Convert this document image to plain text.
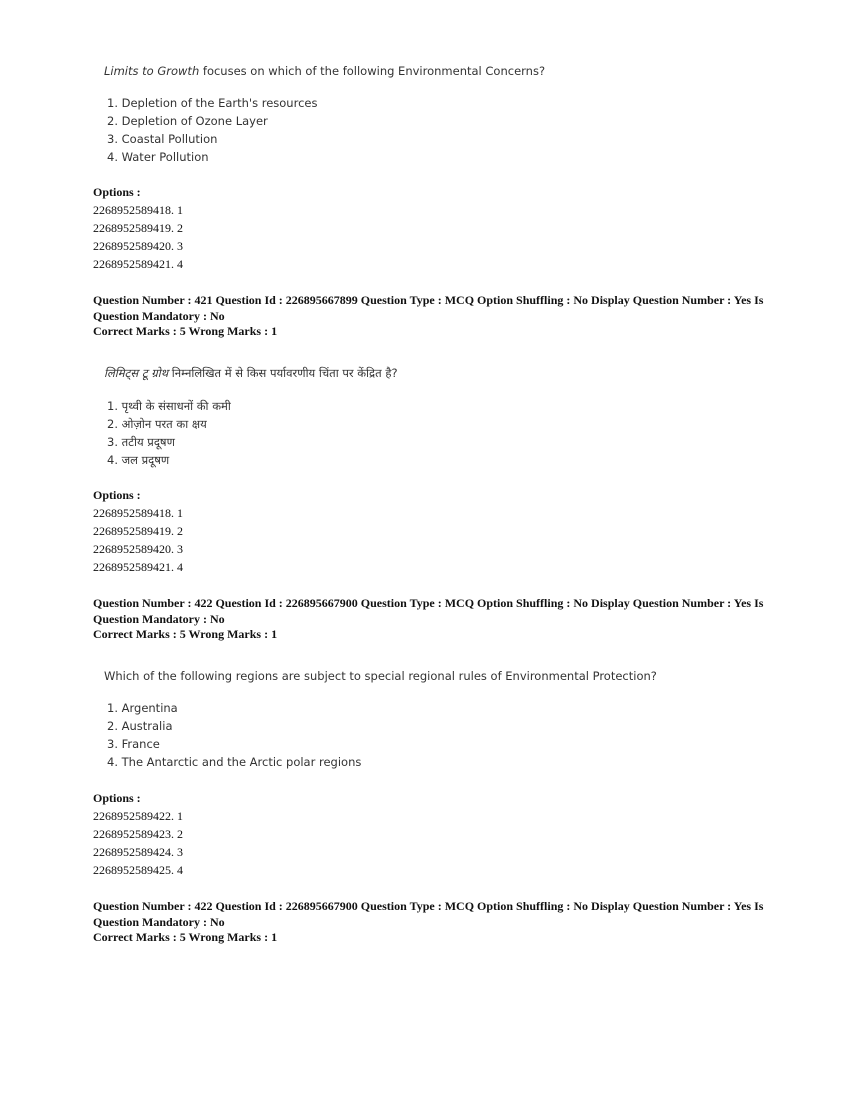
Limits to Growth focuses on which of the following Environmental Concerns?
1. Depletion of the Earth's resources
2. Depletion of Ozone Layer
3. Coastal Pollution
4. Water Pollution
Options :
2268952589418. 1
2268952589419. 2
2268952589420. 3
2268952589421. 4
Question Number : 421 Question Id : 226895667899 Question Type : MCQ Option Shuffling : No Display Question Number : Yes Is
Question Mandatory : No
Correct Marks : 5 Wrong Marks : 1
लिमिट्स टू ग्रोथ निम्नलिखित में से किस पर्यावरणीय चिंता पर केंद्रित है?
1. पृथ्वी के संसाधनों की कमी
2. ओज़ोन परत का क्षय
3. तटीय प्रदूषण
4. जल प्रदूषण
Options :
2268952589418. 1
2268952589419. 2
2268952589420. 3
2268952589421. 4
Question Number : 422 Question Id : 226895667900 Question Type : MCQ Option Shuffling : No Display Question Number : Yes Is
Question Mandatory : No
Correct Marks : 5 Wrong Marks : 1
Which of the following regions are subject to special regional rules of Environmental Protection?
1. Argentina
2. Australia
3. France
4. The Antarctic and the Arctic polar regions
Options :
2268952589422. 1
2268952589423. 2
2268952589424. 3
2268952589425. 4
Question Number : 422 Question Id : 226895667900 Question Type : MCQ Option Shuffling : No Display Question Number : Yes Is
Question Mandatory : No
Correct Marks : 5 Wrong Marks : 1
